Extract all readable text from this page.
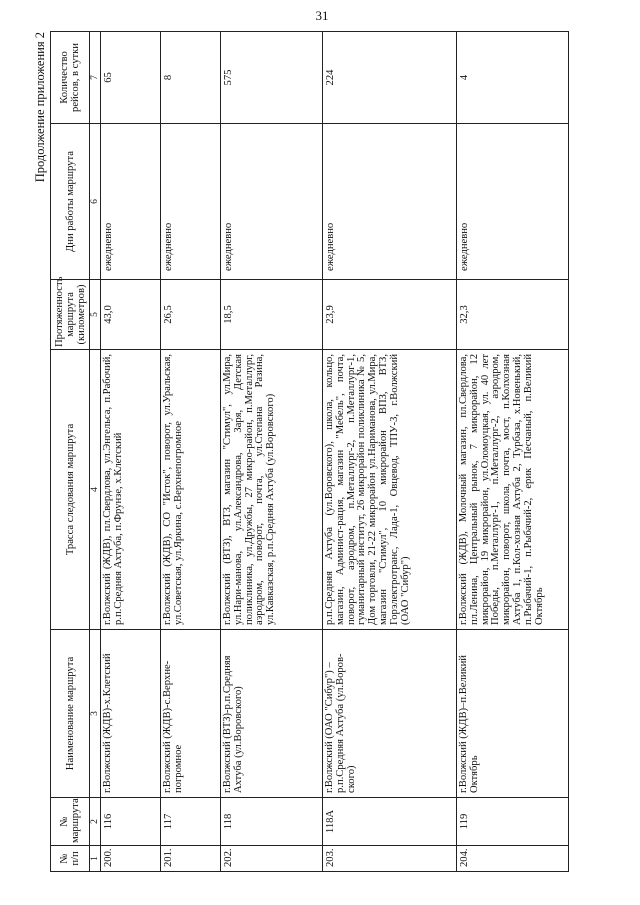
31
Продолжение приложения 2
№ п/п	№ маршрута	Наименование маршрута	Трасса следования маршрута	Протяженность маршрута (километров)	Дни работы маршрута	Количество рейсов, в сутки
1	2	3	4	5	6	7
200.	116	г.Волжский (ЖДВ)-х.Клетский	г.Волжский (ЖДВ), пл.Свердлова, ул.Энгельса, п.Рабочий, р.п.Средняя Ахтуба, п.Фрунзе, х.Клетский	43,0	ежедневно	65
201.	117	г.Волжский (ЖДВ)-с.Верхне-погромное	г.Волжский (ЖДВ), СО "Исток", поворот, ул.Уральская, ул.Советская, ул.Яркина, с.Верхнепогромное	26,5	ежедневно	8
202.	118	г.Волжский (ВТЗ)-р.п.Средняя Ахтуба (ул.Воровского)	г.Волжский (ВТЗ), ВТЗ, магазин "Стимул", ул.Мира, ул.Нари-манова, ул.Александрова, Заря, Детская поликлиника, ул.Дружбы, 27 микро-район, п.Металлург, аэродром, поворот, почта, ул.Степана Разина, ул.Кавказская, р.п.Средняя Ахтуба (ул.Воровского)	18,5	ежедневно	575
203.	118А	г.Волжский (ОАО "Сибур") – р.п.Средняя Ахтуба (ул.Воров-ского)	р.п.Средняя Ахтуба (ул.Воровского), школа, кольцо, магазин, Админист-рация, магазин "Мебель", почта, поворот, аэродром, п.Металлург-2, п.Металлург-1, гуманитарный институт, 26 микрорайон поликлиника № 5, Дом торговли, 21-22 микрорайон ул.Нариманова, ул.Мира, магазин "Стимул", 10 микрорайон ВПЗ, ВТЗ, Горэлектротранс, Лада-1, Овцевод, ТПУ-3, г.Волжский (ОАО "Сибур")	23,9	ежедневно	224
204.	119	г.Волжский (ЖДВ)–п.Великий Октябрь	г.Волжский (ЖДВ), Молочный магазин, пл.Свердлова, пл.Ленина, Центральный рынок, 7 микрорайон, 12 микрорайон, 19 микрорайон, ул.Оломоуцкая, ул. 40 лет Победы, п.Металлург-1, п.Металлург-2, аэродром, микрорайон, поворот, школа, почта, мост, п.Колхозная Ахтуба 1, п.Кол-хозная Ахтуба 2, Турбаза, х.Новенький, п.Рыбачий-1, п.Рыбачий-2, ерик Песчаный, п.Великий Октябрь	32,3	ежедневно	4
